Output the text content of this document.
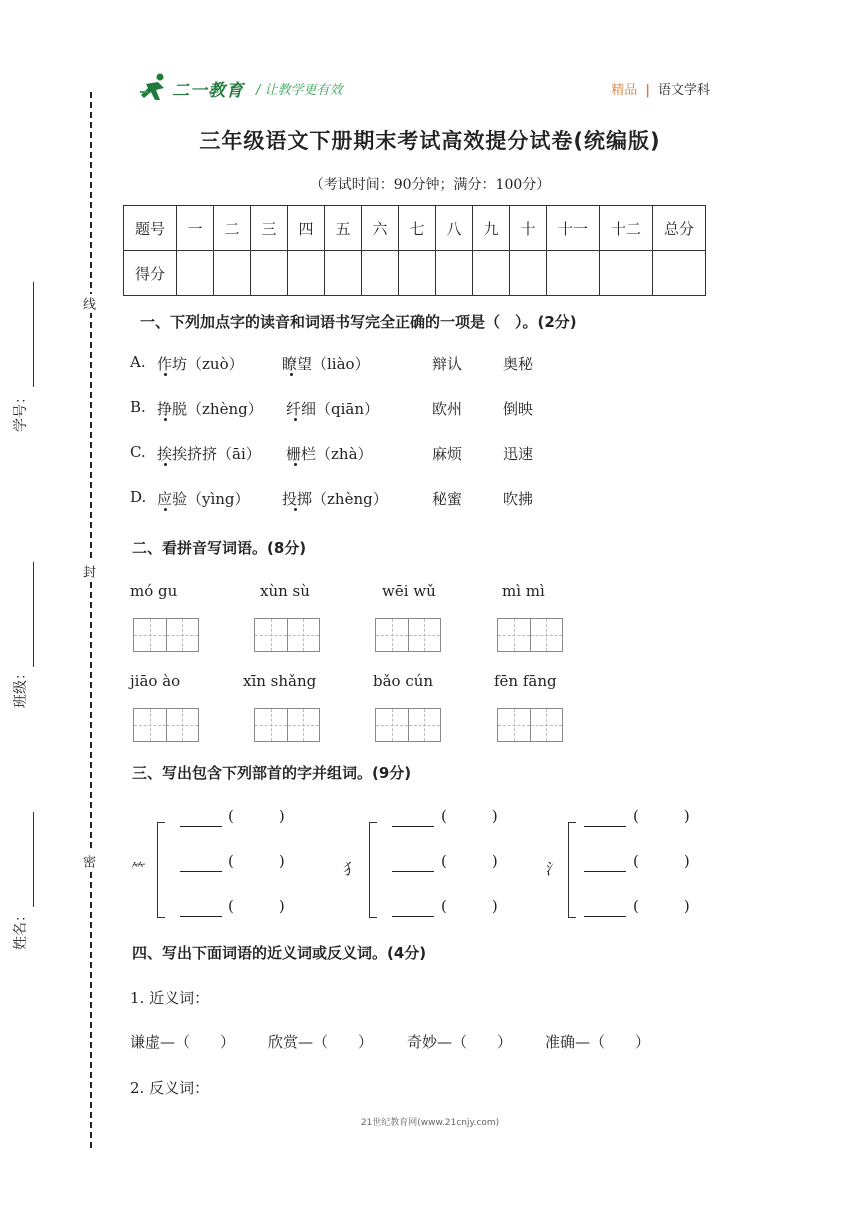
二一教育 / 让教学更有效	精品 | 语文学科
三年级语文下册期末考试高效提分试卷(统编版)
（考试时间：90分钟；满分：100分）
题号	一	二	三	四	五	六	七	八	九	十	十一	十二	总分
得分													
线
封
密
学号：
班级：
姓名：
一、下列加点字的读音和词语书写完全正确的一项是（　）。(2分)
A. 作坊（zuò）	瞭望（liào）	辩认	奥秘
B. 挣脱（zhèng） 纤细（qiān）	欧州	倒映
C. 挨挨挤挤（āi） 栅栏（zhà）	麻烦	迅速
D. 应验（yìng） 投掷（zhèng）	秘蜜	吹拂
二、看拼音写词语。(8分)
mó gu	xùn sù	wēi wǔ	mì mì
jiāo ào	xīn shǎng	bǎo cún	fēn fāng
三、写出包含下列部首的字并组词。(9分)
⺮
(　　　)
(　　　)
(　　　)
犭
(　　　)
(　　　)
(　　　)
氵
(　　　)
(　　　)
(　　　)
四、写出下面词语的近义词或反义词。(4分)
1. 近义词：
谦虚—（　　） 欣赏—（　　） 奇妙—（　　） 准确—（　　）
2. 反义词：
21世纪教育网(www.21cnjy.com)
